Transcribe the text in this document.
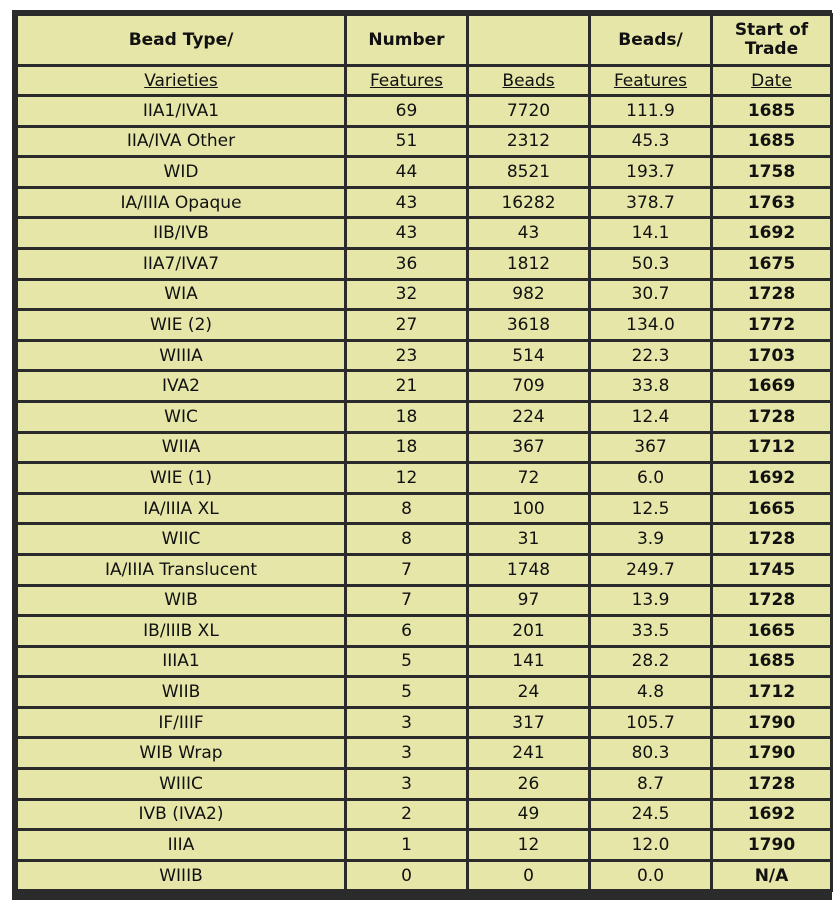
Bead Type/	Number		Beads/	Start of Trade
Varieties	Features	Beads	Features	Date
IIA1/IVA1	69	7720	111.9	1685
IIA/IVA Other	51	2312	45.3	1685
WID	44	8521	193.7	1758
IA/IIIA Opaque	43	16282	378.7	1763
IIB/IVB	43	43	14.1	1692
IIA7/IVA7	36	1812	50.3	1675
WIA	32	982	30.7	1728
WIE (2)	27	3618	134.0	1772
WIIIA	23	514	22.3	1703
IVA2	21	709	33.8	1669
WIC	18	224	12.4	1728
WIIA	18	367	367	1712
WIE (1)	12	72	6.0	1692
IA/IIIA XL	8	100	12.5	1665
WIIC	8	31	3.9	1728
IA/IIIA Translucent	7	1748	249.7	1745
WIB	7	97	13.9	1728
IB/IIIB XL	6	201	33.5	1665
IIIA1	5	141	28.2	1685
WIIB	5	24	4.8	1712
IF/IIIF	3	317	105.7	1790
WIB Wrap	3	241	80.3	1790
WIIIC	3	26	8.7	1728
IVB (IVA2)	2	49	24.5	1692
IIIA	1	12	12.0	1790
WIIIB	0	0	0.0	N/A
